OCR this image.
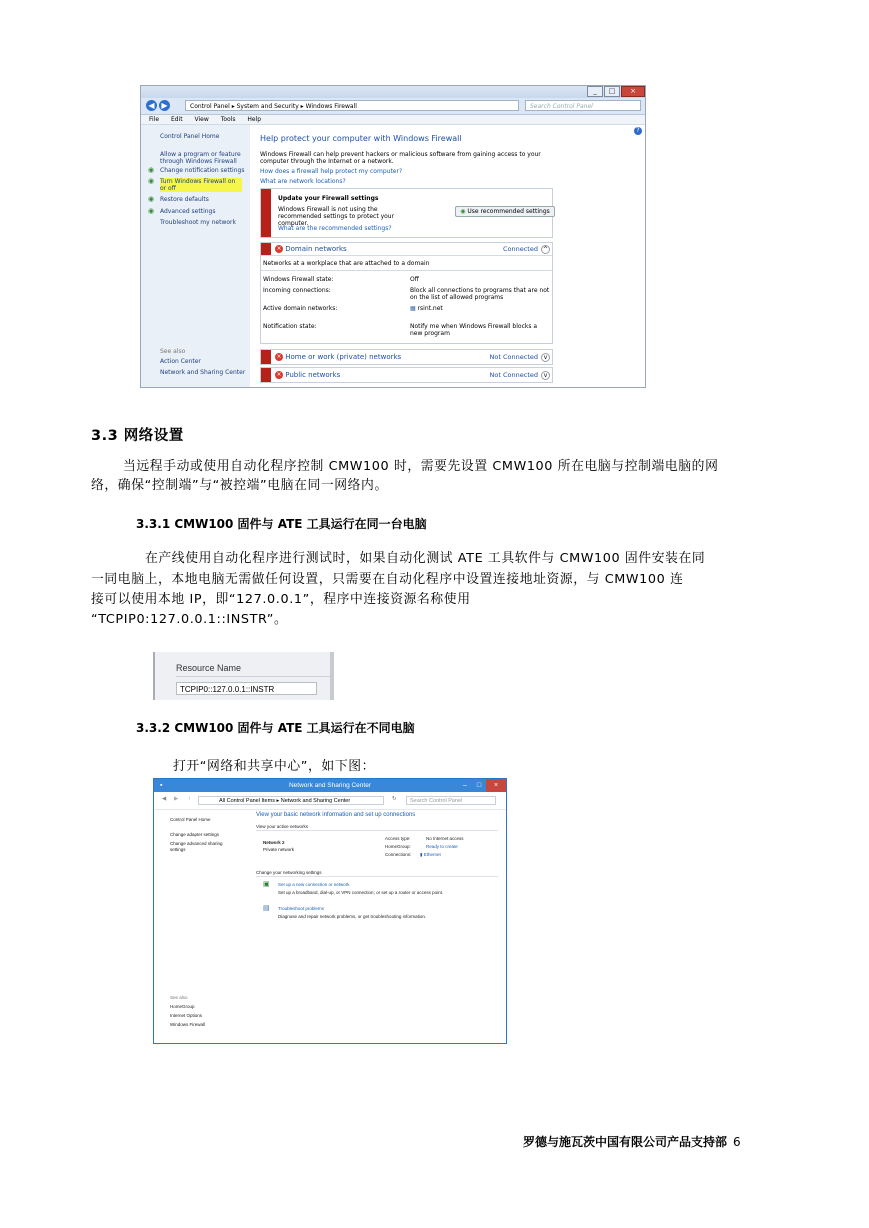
_	□	×
◀ ▶	Control Panel ▸ System and Security ▸ Windows Firewall	Search Control Panel
File Edit View Tools Help
Control Panel Home
Allow a program or feature through Windows Firewall
Change notification settings
Turn Windows Firewall on or off
Restore defaults
Advanced settings
Troubleshoot my network
See also
Action Center
Network and Sharing Center
◉
◉
◉
◉
?
Help protect your computer with Windows Firewall
Windows Firewall can help prevent hackers or malicious software from gaining access to your computer through the Internet or a network.
How does a firewall help protect my computer?
What are network locations?
Update your Firewall settings
Windows Firewall is not using the recommended settings to protect your computer.
◉ Use recommended settings
What are the recommended settings?
× Domain networks	Connected ^
Networks at a workplace that are attached to a domain
Windows Firewall state:	Off
Incoming connections:	Block all connections to programs that are not on the list of allowed programs
Active domain networks:	▦ rsint.net
Notification state:	Notify me when Windows Firewall blocks a new program
× Home or work (private) networks	Not Connected v
× Public networks	Not Connected v
3.3 网络设置
当远程手动或使用自动化程序控制 CMW100 时，需要先设置 CMW100 所在电脑与控制端电脑的网
络，确保“控制端”与“被控端”电脑在同一网络内。
3.3.1 CMW100 固件与 ATE 工具运行在同一台电脑
在产线使用自动化程序进行测试时，如果自动化测试 ATE 工具软件与 CMW100 固件安装在同
一同电脑上，本地电脑无需做任何设置，只需要在自动化程序中设置连接地址资源，与 CMW100 连
接可以使用本地 IP，即“127.0.0.1”，程序中连接资源名称使用
“TCPIP0:127.0.0.1::INSTR”。
Resource Name
TCPIP0::127.0.0.1::INSTR
3.3.2 CMW100 固件与 ATE 工具运行在不同电脑
打开“网络和共享中心”，如下图：
Network and Sharing Center
▪	–	□	×
◀ ▶ ↑	All Control Panel Items ▸ Network and Sharing Center	↻	Search Control Panel
Control Panel Home
Change adapter settings
Change advanced sharing settings
See also
HomeGroup
Internet Options
Windows Firewall
View your basic network information and set up connections
View your active networks
Network 2
Private network
Access type:	No Internet access
HomeGroup:	Ready to create
Connections: ▮ Ethernet
Change your networking settings
▣ Set up a new connection or network
Set up a broadband, dial-up, or VPN connection; or set up a router or access point.
▤ Troubleshoot problems
Diagnose and repair network problems, or get troubleshooting information.
罗德与施瓦茨中国有限公司产品支持部 6
